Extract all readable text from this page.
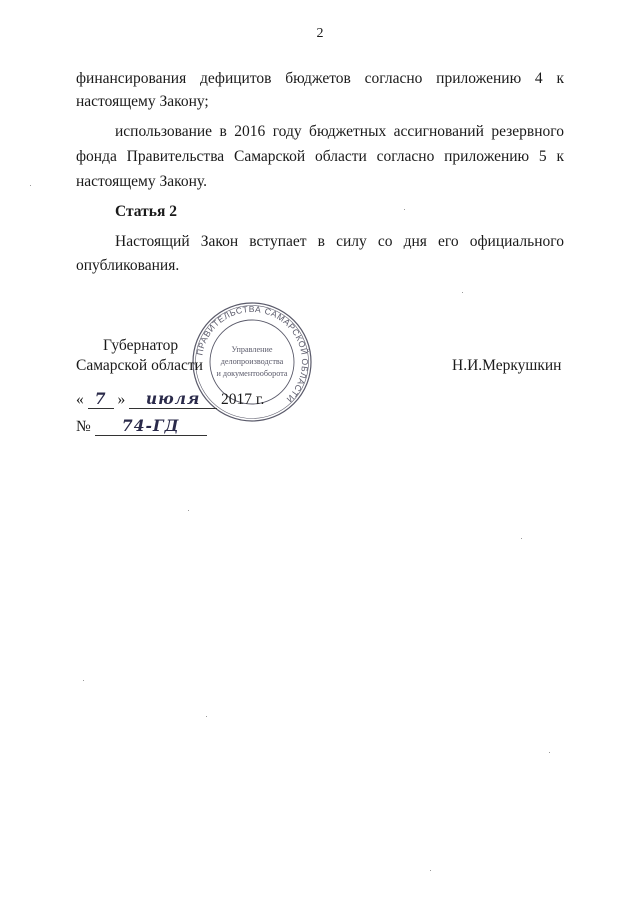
2
финансирования дефицитов бюджетов согласно приложению 4 к
настоящему Закону;
использование в 2016 году бюджетных ассигнований резервного
фонда Правительства Самарской области согласно приложению 5 к
настоящему Закону.
Статья 2
Настоящий Закон вступает в силу со дня его официального
опубликования.
ПРАВИТЕЛЬСТВА САМАРСКОЙ ОБЛАСТИ
Управление
делопроизводства
и документооборота
Губернатор
Самарской области	Н.И.Меркушкин
« 7 » июля 2017 г.
№ 74-ГД
